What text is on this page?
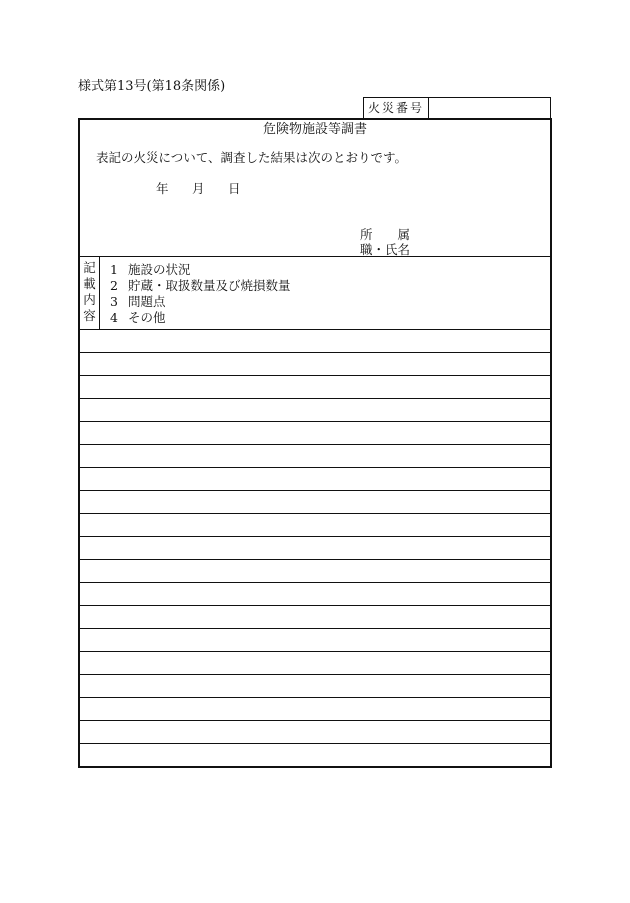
様式第13号(第18条関係)
火災番号
危険物施設等調書
表記の火災について、調査した結果は次のとおりです。
年	月	日
所　　属
職・氏名
記
載
内
容
1 施設の状況
2 貯蔵・取扱数量及び焼損数量
3 問題点
4 その他
